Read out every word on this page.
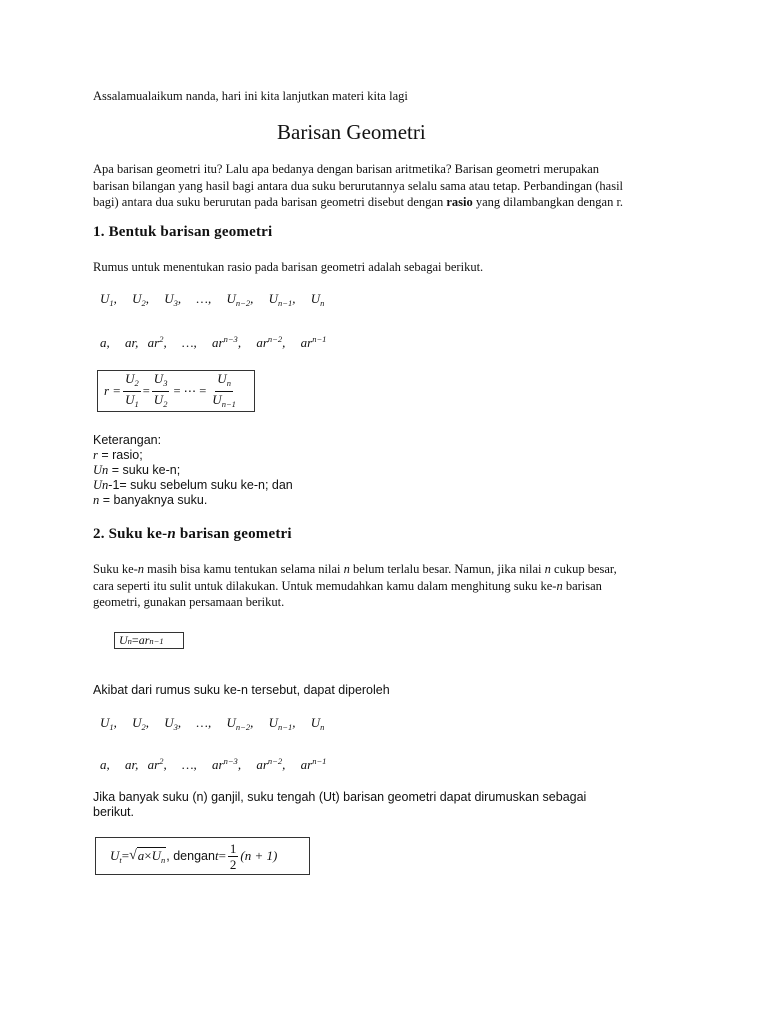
Assalamualaikum nanda, hari ini kita lanjutkan materi kita lagi
Barisan Geometri
Apa barisan geometri itu? Lalu apa bedanya dengan barisan aritmetika? Barisan geometri merupakan
barisan bilangan yang hasil bagi antara dua suku berurutannya selalu sama atau tetap. Perbandingan (hasil
bagi) antara dua suku berurutan pada barisan geometri disebut dengan rasio yang dilambangkan dengan r.
1. Bentuk barisan geometri
Rumus untuk menentukan rasio pada barisan geometri adalah sebagai berikut.
$U_1$, $U_2$, $U_3$, …, $U_{n-2}$, $U_{n-1}$, $U_n$
a, ar, $ar^2$, …, $ar^{n-3}$, $ar^{n-2}$, $ar^{n-1}$
$r = \frac{U_2}{U_1} = \frac{U_3}{U_2}$ = ⋯ = $\frac{U_n}{U_{n-1}}$
Keterangan:
r = rasio;
Un = suku ke-n;
Un-1= suku sebelum suku ke-n; dan
n = banyaknya suku.
2. Suku ke-n barisan geometri
Suku ke-n masih bisa kamu tentukan selama nilai n belum terlalu besar. Namun, jika nilai n cukup besar,
cara seperti itu sulit untuk dilakukan. Untuk memudahkan kamu dalam menghitung suku ke-n barisan
geometri, gunakan persamaan berikut.
U n = ar n−1
Akibat dari rumus suku ke-n tersebut, dapat diperoleh
$U_1$, $U_2$, $U_3$, …, $U_{n-2}$, $U_{n-1}$, $U_n$
a, ar, $ar^2$, …, $ar^{n-3}$, $ar^{n-2}$, $ar^{n-1}$
Jika banyak suku (n) ganjil, suku tengah (Ut) barisan geometri dapat dirumuskan sebagai
berikut.
$U_t$ = √ $a\times U_n$ , dengan $t = \frac{1}{2} (n + 1)$
